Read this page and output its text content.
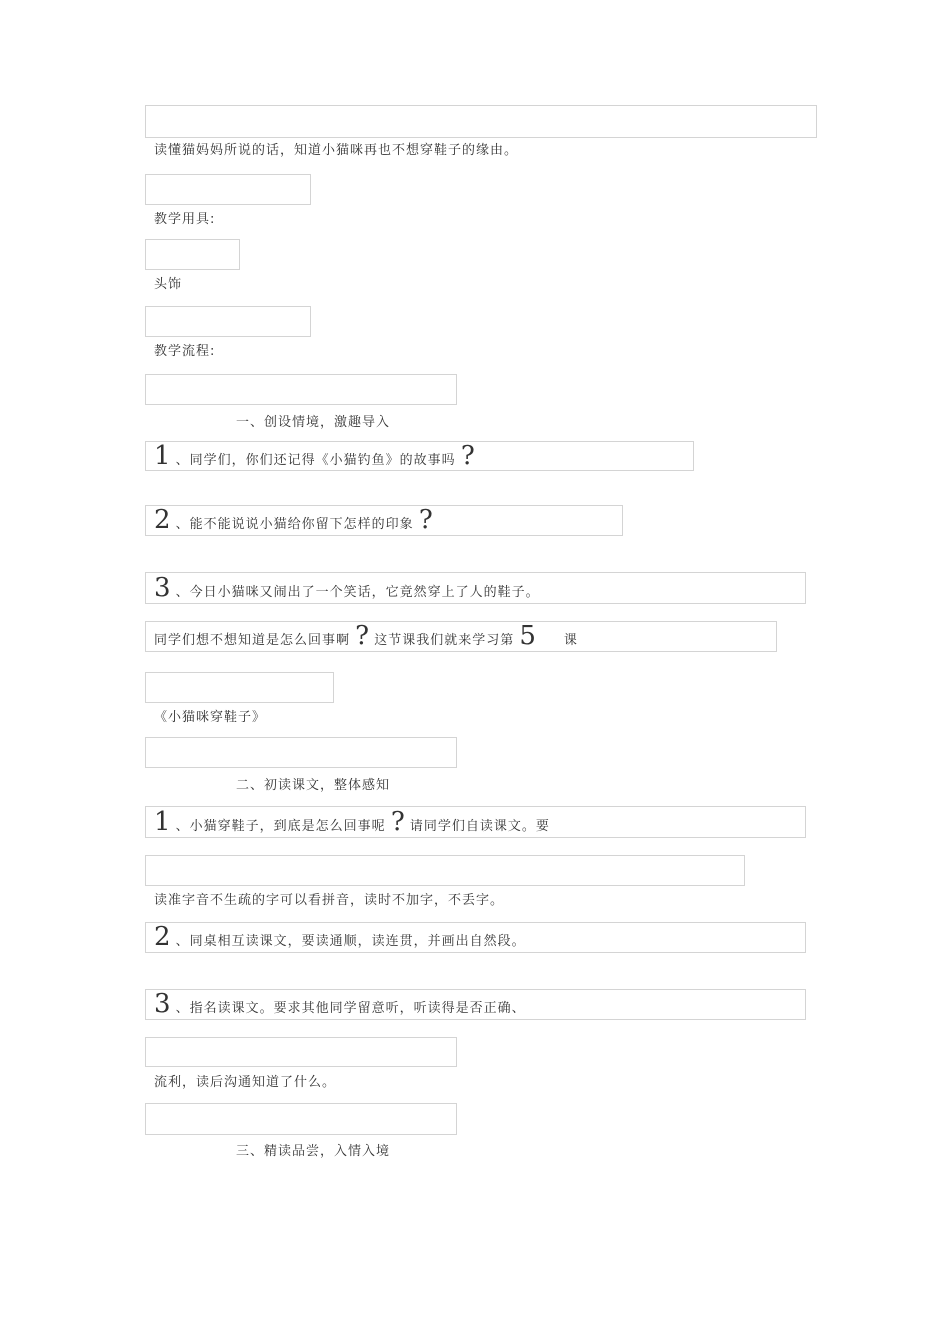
读懂猫妈妈所说的话，知道小猫咪再也不想穿鞋子的缘由。

教学用具:

头饰

教学流程:

一、创设情境，激趣导入

1 、同学们，你们还记得《小猫钓鱼》的故事吗 ?
2 、能不能说说小猫给你留下怎样的印象 ?
3 、今日小猫咪又闹出了一个笑话，它竟然穿上了人的鞋子。
同学们想不想知道是怎么回事啊 ? 这节课我们就来学习第 5　　课

《小猫咪穿鞋子》

二、初读课文，整体感知

1 、小猫穿鞋子，到底是怎么回事呢 ? 请同学们自读课文。要

读准字音不生疏的字可以看拼音，读时不加字，不丢字。

2 、同桌相互读课文，要读通顺，读连贯，并画出自然段。
3 、指名读课文。要求其他同学留意听，听读得是否正确、

流利，读后沟通知道了什么。

三、精读品尝，入情入境
